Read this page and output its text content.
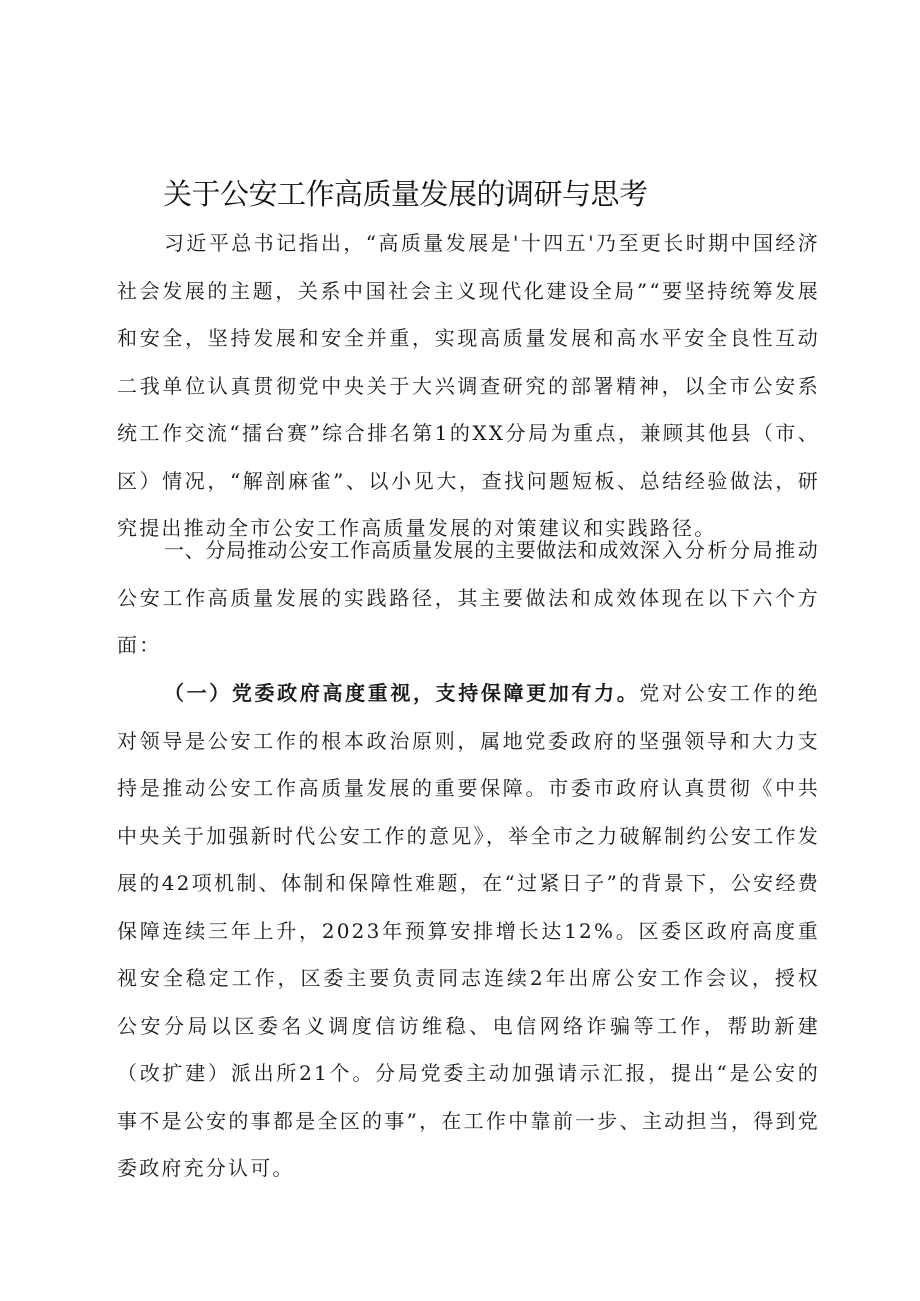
关于公安工作高质量发展的调研与思考

习近平总书记指出，“高质量发展是'十四五'乃至更长时期中国经济社会发展的主题，关系中国社会主义现代化建设全局”“要坚持统筹发展和安全，坚持发展和安全并重，实现高质量发展和高水平安全良性互动二我单位认真贯彻党中央关于大兴调查研究的部署精神，以全市公安系统工作交流“擂台赛”综合排名第1的XX分局为重点，兼顾其他县（市、区）情况，“解剖麻雀”、以小见大，查找问题短板、总结经验做法，研究提出推动全市公安工作高质量发展的对策建议和实践路径。

一、分局推动公安工作高质量发展的主要做法和成效深入分析分局推动公安工作高质量发展的实践路径，其主要做法和成效体现在以下六个方面：

（一）党委政府高度重视，支持保障更加有力。党对公安工作的绝对领导是公安工作的根本政治原则，属地党委政府的坚强领导和大力支持是推动公安工作高质量发展的重要保障。市委市政府认真贯彻《中共中央关于加强新时代公安工作的意见》，举全市之力破解制约公安工作发展的42项机制、体制和保障性难题，在“过紧日子”的背景下，公安经费保障连续三年上升，2023年预算安排增长达12%。区委区政府高度重视安全稳定工作，区委主要负责同志连续2年出席公安工作会议，授权公安分局以区委名义调度信访维稳、电信网络诈骗等工作，帮助新建（改扩建）派出所21个。分局党委主动加强请示汇报，提出“是公安的事不是公安的事都是全区的事”，在工作中靠前一步、主动担当，得到党委政府充分认可。
